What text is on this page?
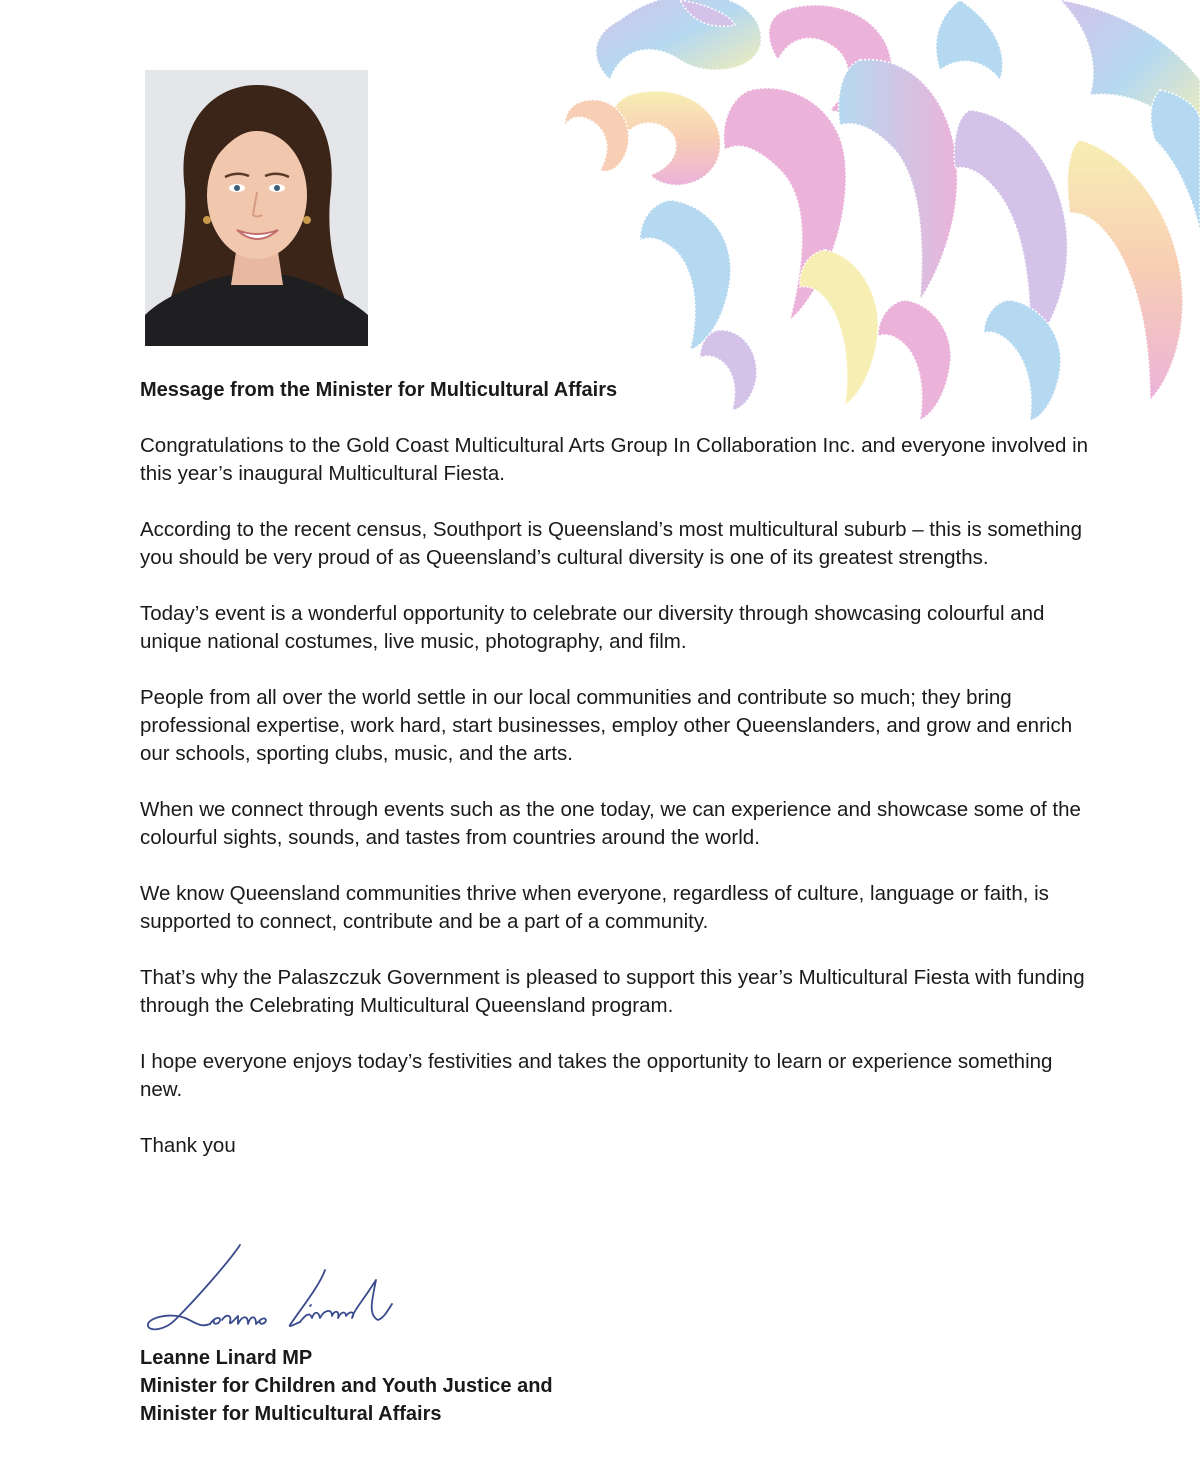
Message from the Minister for Multicultural Affairs
Congratulations to the Gold Coast Multicultural Arts Group In Collaboration Inc. and everyone involved in this year’s inaugural Multicultural Fiesta.
According to the recent census, Southport is Queensland’s most multicultural suburb – this is something you should be very proud of as Queensland’s cultural diversity is one of its greatest strengths.
Today’s event is a wonderful opportunity to celebrate our diversity through showcasing colourful and unique national costumes, live music, photography, and film.
People from all over the world settle in our local communities and contribute so much; they bring professional expertise, work hard, start businesses, employ other Queenslanders, and grow and enrich our schools, sporting clubs, music, and the arts.
When we connect through events such as the one today, we can experience and showcase some of the colourful sights, sounds, and tastes from countries around the world.
We know Queensland communities thrive when everyone, regardless of culture, language or faith, is supported to connect, contribute and be a part of a community.
That’s why the Palaszczuk Government is pleased to support this year’s Multicultural Fiesta with funding through the Celebrating Multicultural Queensland program.
I hope everyone enjoys today’s festivities and takes the opportunity to learn or experience something new.
Thank you
Leanne Linard MP
Minister for Children and Youth Justice and
Minister for Multicultural Affairs
